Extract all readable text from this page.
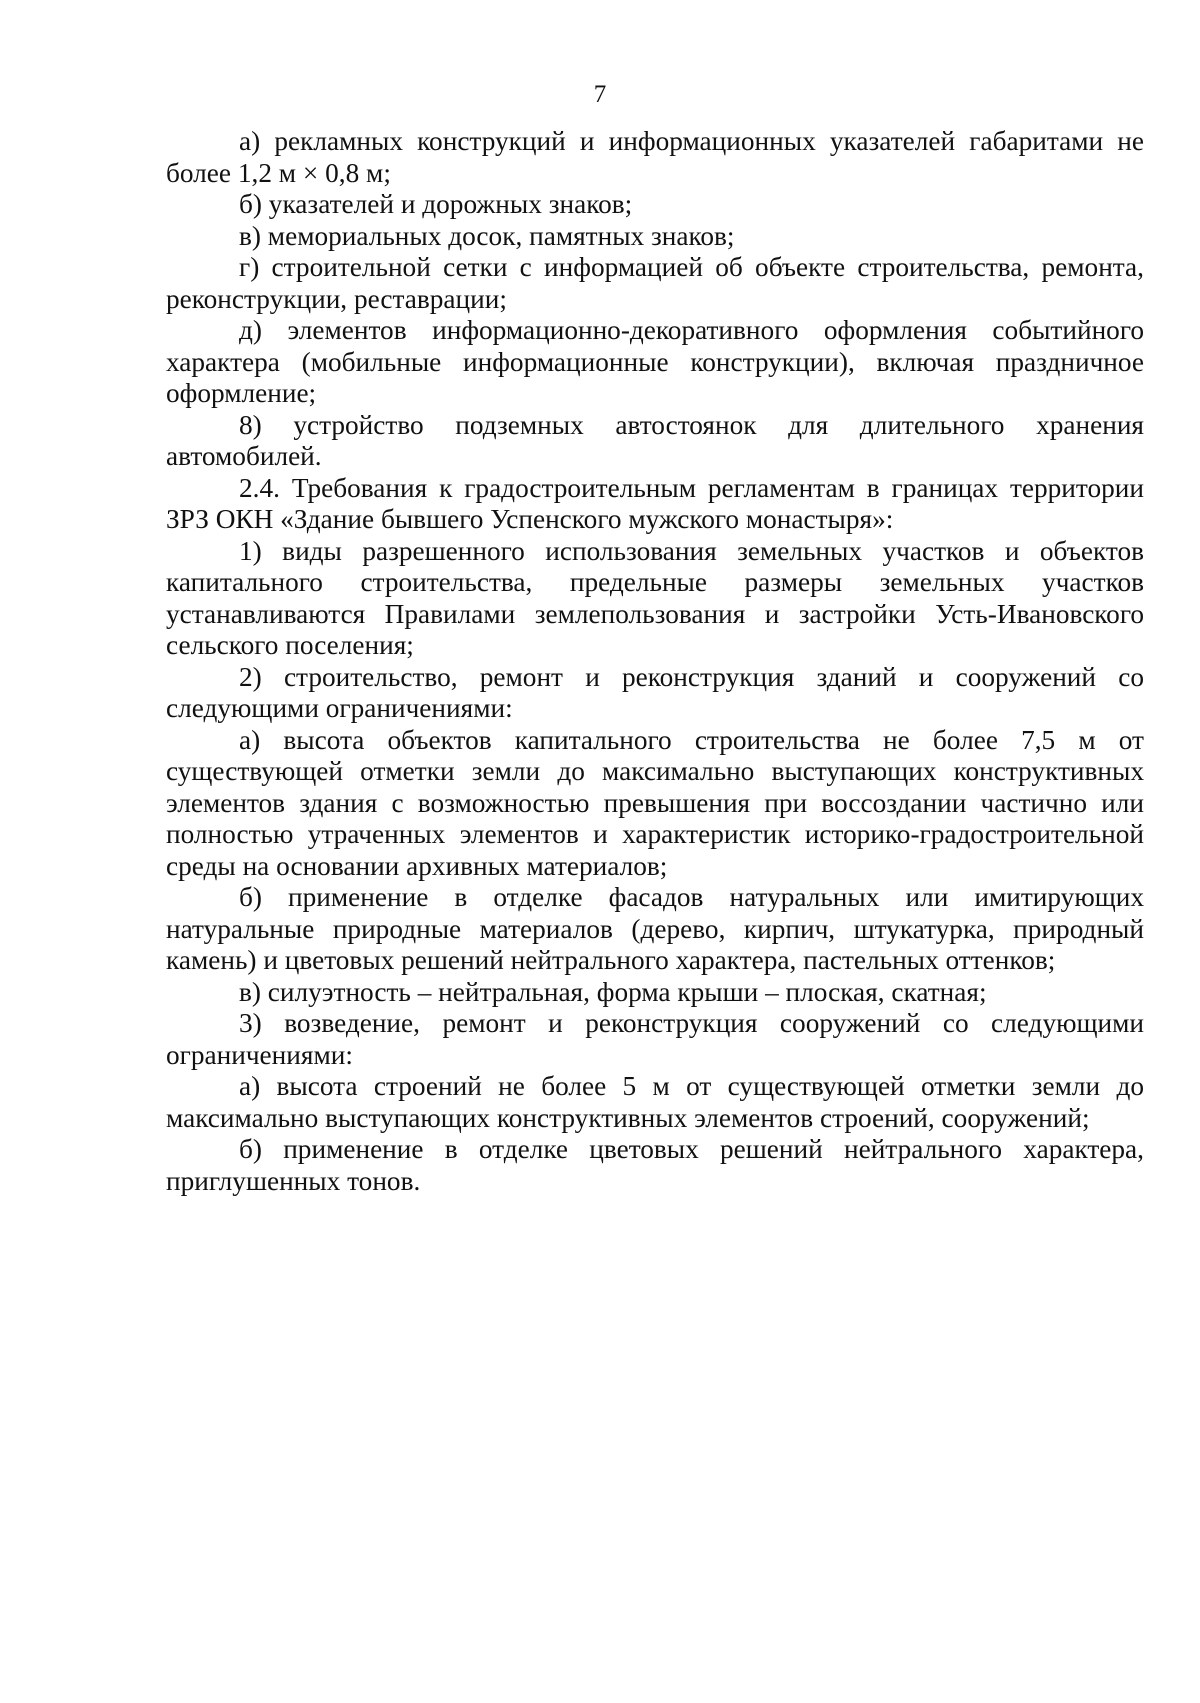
7

а) рекламных конструкций и информационных указателей габаритами не более 1,2 м × 0,8 м;

б) указателей и дорожных знаков;

в) мемориальных досок, памятных знаков;

г) строительной сетки с информацией об объекте строительства, ремонта, реконструкции, реставрации;

д) элементов информационно-декоративного оформления событийного характера (мобильные информационные конструкции), включая праздничное оформление;

8) устройство подземных автостоянок для длительного хранения автомобилей.

2.4. Требования к градостроительным регламентам в границах территории ЗРЗ ОКН «Здание бывшего Успенского мужского монастыря»:

1) виды разрешенного использования земельных участков и объектов капитального строительства, предельные размеры земельных участков устанавливаются Правилами землепользования и застройки Усть-Ивановского сельского поселения;

2) строительство, ремонт и реконструкция зданий и сооружений со следующими ограничениями:

а) высота объектов капитального строительства не более 7,5 м от существующей отметки земли до максимально выступающих конструктивных элементов здания с возможностью превышения при воссоздании частично или полностью утраченных элементов и характеристик историко-градостроительной среды на основании архивных материалов;

б) применение в отделке фасадов натуральных или имитирующих натуральные природные материалов (дерево, кирпич, штукатурка, природный камень) и цветовых решений нейтрального характера, пастельных оттенков;

в) силуэтность – нейтральная, форма крыши – плоская, скатная;

3) возведение, ремонт и реконструкция сооружений со следующими ограничениями:

а) высота строений не более 5 м от существующей отметки земли до максимально выступающих конструктивных элементов строений, сооружений;

б) применение в отделке цветовых решений нейтрального характера, приглушенных тонов.
